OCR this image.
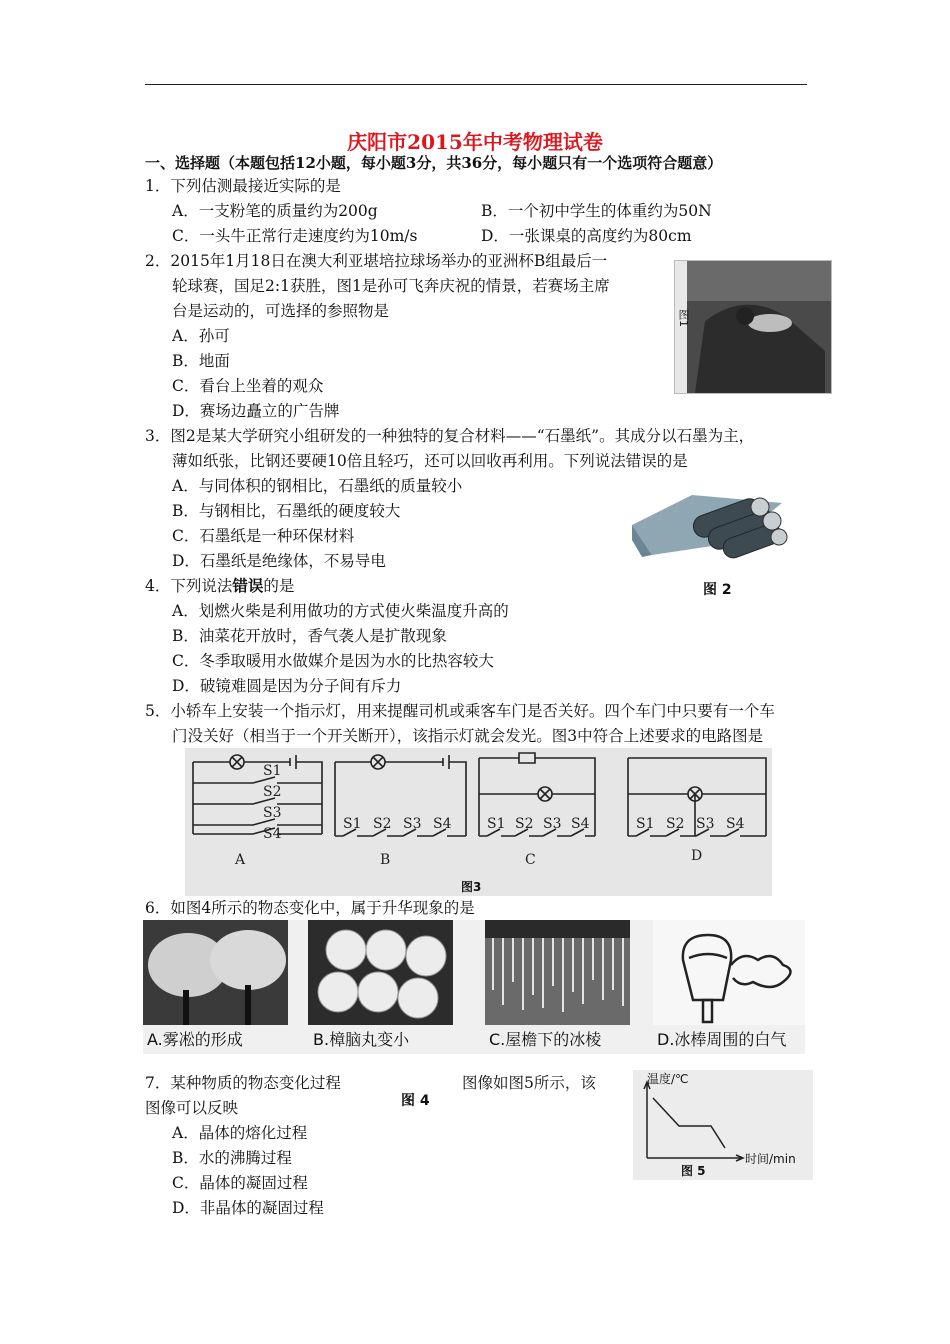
庆阳市2015年中考物理试卷
一、选择题（本题包括12小题，每小题3分，共36分，每小题只有一个选项符合题意）
1．下列估测最接近实际的是
A．一支粉笔的质量约为200g	B．一个初中学生的体重约为50N
C．一头牛正常行走速度约为10m/s	D．一张课桌的高度约为80cm
2．2015年1月18日在澳大利亚堪培拉球场举办的亚洲杯B组最后一
轮球赛，国足2:1获胜，图1是孙可飞奔庆祝的情景，若赛场主席
台是运动的，可选择的参照物是
A．孙可
B．地面
C．看台上坐着的观众
D．赛场边矗立的广告牌
图1
3．图2是某大学研究小组研发的一种独特的复合材料——“石墨纸”。其成分以石墨为主，
薄如纸张，比钢还要硬10倍且轻巧，还可以回收再利用。下列说法错误的是
A．与同体积的钢相比，石墨纸的质量较小
B．与钢相比，石墨纸的硬度较大
C．石墨纸是一种环保材料
D．石墨纸是绝缘体，不易导电
图 2
4．下列说法错误的是
A．划燃火柴是利用做功的方式使火柴温度升高的
B．油菜花开放时，香气袭人是扩散现象
C．冬季取暖用水做媒介是因为水的比热容较大
D．破镜难圆是因为分子间有斥力
5．小轿车上安装一个指示灯，用来提醒司机或乘客车门是否关好。四个车门中只要有一个车
门没关好（相当于一个开关断开），该指示灯就会发光。图3中符合上述要求的电路图是
S1
S2
S3
S4
S1 S2 S3 S4	S1 S2 S3 S4	S1 S2 S3 S4
A	B	C	D
图3
6．如图4所示的物态变化中，属于升华现象的是
A.雾凇的形成	B.樟脑丸变小	C.屋檐下的冰棱	D.冰棒周围的白气
7．某种物质的物态变化过程
图 4
图像如图5所示，该
图像可以反映
A．晶体的熔化过程
B．水的沸腾过程
C．晶体的凝固过程
D．非晶体的凝固过程
温度/℃
时间/min
图 5
